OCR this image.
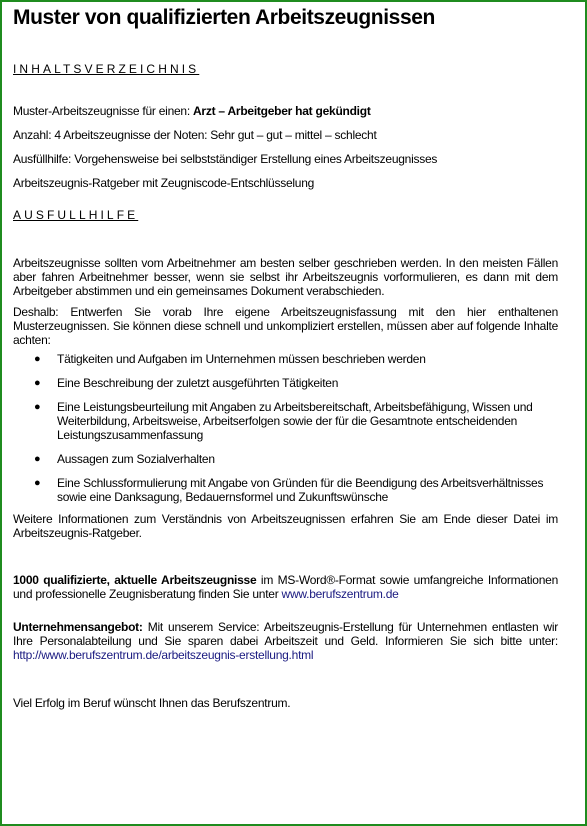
Muster von qualifizierten Arbeitszeugnissen
INHALTSVERZEICHNIS
Muster-Arbeitszeugnisse für einen: Arzt – Arbeitgeber hat gekündigt
Anzahl: 4 Arbeitszeugnisse der Noten: Sehr gut – gut – mittel – schlecht
Ausfüllhilfe: Vorgehensweise bei selbstständiger Erstellung eines Arbeitszeugnisses
Arbeitszeugnis-Ratgeber mit Zeugniscode-Entschlüsselung
AUSFULLHILFE

Arbeitszeugnisse sollten vom Arbeitnehmer am besten selber geschrieben werden. In den meisten Fällen aber fahren Arbeitnehmer besser, wenn sie selbst ihr Arbeitszeugnis vorformulieren, es dann mit dem Arbeitgeber abstimmen und ein gemeinsames Dokument verabschieden.

Deshalb: Entwerfen Sie vorab Ihre eigene Arbeitszeugnisfassung mit den hier enthaltenen Musterzeugnissen. Sie können diese schnell und unkompliziert erstellen, müssen aber auf folgende Inhalte achten:

● Tätigkeiten und Aufgaben im Unternehmen müssen beschrieben werden
● Eine Beschreibung der zuletzt ausgeführten Tätigkeiten
● Eine Leistungsbeurteilung mit Angaben zu Arbeitsbereitschaft, Arbeitsbefähigung, Wissen und Weiterbildung, Arbeitsweise, Arbeitserfolgen sowie der für die Gesamtnote entscheidenden Leistungszusammenfassung
● Aussagen zum Sozialverhalten
● Eine Schlussformulierung mit Angabe von Gründen für die Beendigung des Arbeitsverhältnisses sowie eine Danksagung, Bedauernsformel und Zukunftswünsche

Weitere Informationen zum Verständnis von Arbeitszeugnissen erfahren Sie am Ende dieser Datei im Arbeitszeugnis-Ratgeber.

1000 qualifizierte, aktuelle Arbeitszeugnisse im MS-Word®-Format sowie umfangreiche Informationen und professionelle Zeugnisberatung finden Sie unter www.berufszentrum.de

Unternehmensangebot: Mit unserem Service: Arbeitszeugnis-Erstellung für Unternehmen entlasten wir Ihre Personalabteilung und Sie sparen dabei Arbeitszeit und Geld. Informieren Sie sich bitte unter: http://www.berufszentrum.de/arbeitszeugnis-erstellung.html

Viel Erfolg im Beruf wünscht Ihnen das Berufszentrum.
